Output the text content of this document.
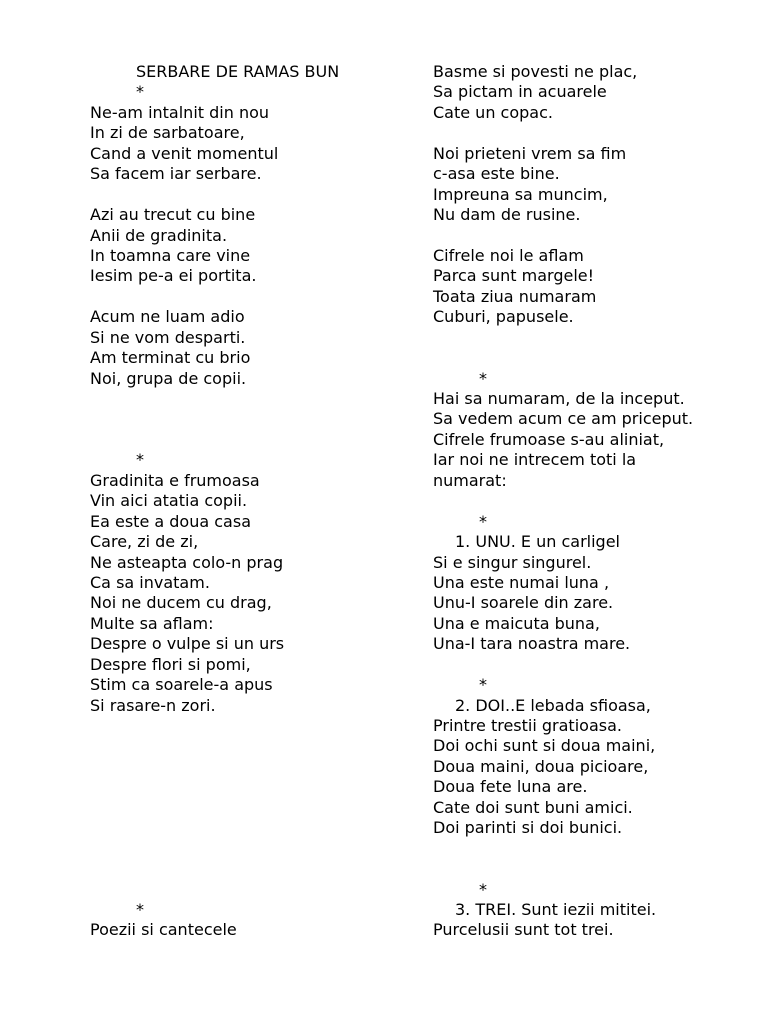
SERBARE DE RAMAS BUN
*
Ne-am intalnit din nou
In zi de sarbatoare,
Cand a venit momentul
Sa facem iar serbare.
Azi au trecut cu bine
Anii de gradinita.
In toamna care vine
Iesim pe-a ei portita.
Acum ne luam adio
Si ne vom desparti.
Am terminat cu brio
Noi, grupa de copii.
*
Gradinita e frumoasa
Vin aici atatia copii.
Ea este a doua casa
Care, zi de zi,
Ne asteapta colo-n prag
Ca sa invatam.
Noi ne ducem cu drag,
Multe sa aflam:
Despre o vulpe si un urs
Despre flori si pomi,
Stim ca soarele-a apus
Si rasare-n zori.
*
Poezii si cantecele
Basme si povesti ne plac,
Sa pictam in acuarele
Cate un copac.
Noi prieteni vrem sa fim
c-asa este bine.
Impreuna sa muncim,
Nu dam de rusine.
Cifrele noi le aflam
Parca sunt margele!
Toata ziua numaram
Cuburi, papusele.
*
Hai sa numaram, de la inceput.
Sa vedem acum ce am priceput.
Cifrele frumoase s-au aliniat,
Iar noi ne intrecem toti la
numarat:
*
1. UNU. E un carligel
Si e singur singurel.
Una este numai luna ,
Unu-I soarele din zare.
Una e maicuta buna,
Una-I tara noastra mare.
*
2. DOI..E lebada sfioasa,
Printre trestii gratioasa.
Doi ochi sunt si doua maini,
Doua maini, doua picioare,
Doua fete luna are.
Cate doi sunt buni amici.
Doi parinti si doi bunici.
*
3. TREI. Sunt iezii mititei.
Purcelusii sunt tot trei.
